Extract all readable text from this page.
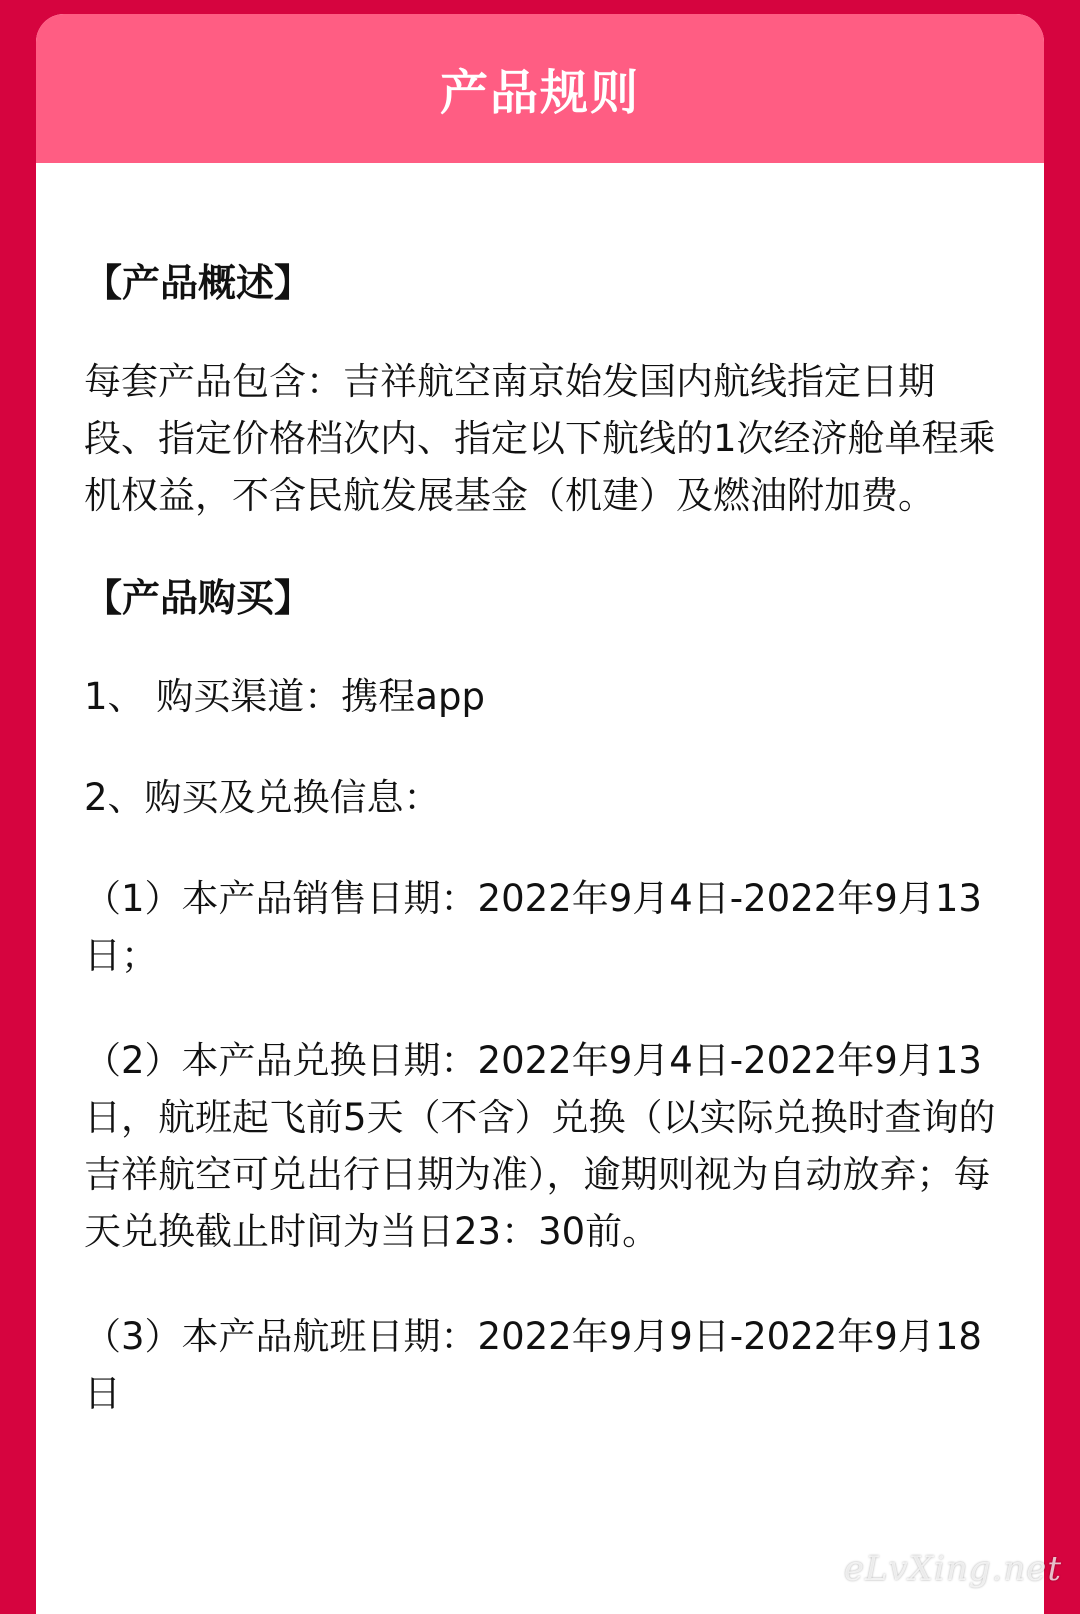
产品规则
【产品概述】
每套产品包含：吉祥航空南京始发国内航线指定日期段、指定价格档次内、指定以下航线的1次经济舱单程乘机权益，不含民航发展基金（机建）及燃油附加费。
【产品购买】
1、 购买渠道：携程app
2、购买及兑换信息：
（1）本产品销售日期：2022年9月4日-2022年9月13日；
（2）本产品兑换日期：2022年9月4日-2022年9月13日，航班起飞前5天（不含）兑换（以实际兑换时查询的吉祥航空可兑出行日期为准），逾期则视为自动放弃；每天兑换截止时间为当日23：30前。
（3）本产品航班日期：2022年9月9日-2022年9月18日
eLvXing.net
